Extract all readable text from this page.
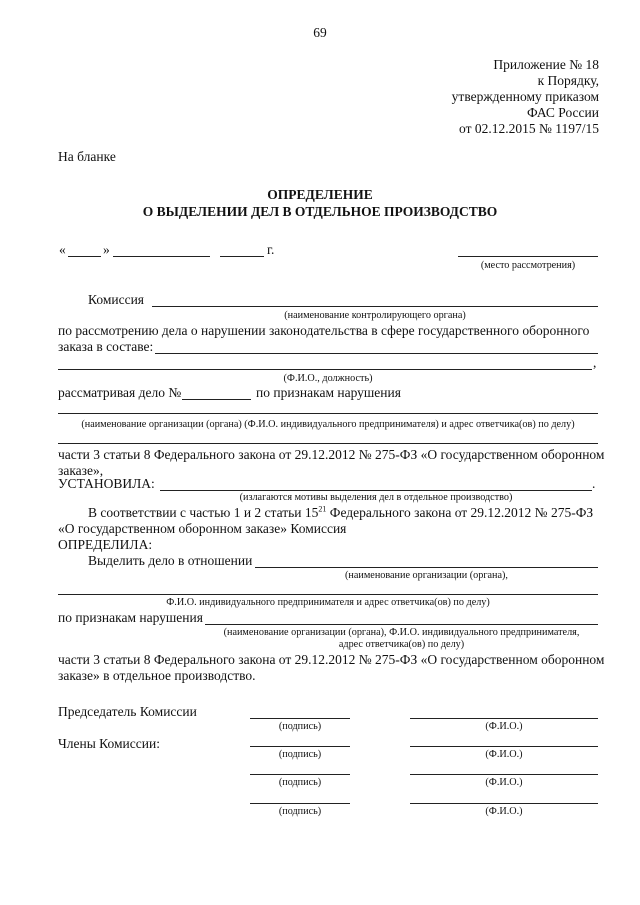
69
Приложение № 18
к Порядку,
утвержденному приказом
ФАС России
от 02.12.2015 № 1197/15
На бланке
ОПРЕДЕЛЕНИЕ
О ВЫДЕЛЕНИИ ДЕЛ В ОТДЕЛЬНОЕ ПРОИЗВОДСТВО
«	»	г.
(место рассмотрения)
Комиссия
(наименование контролирующего органа)
по рассмотрению дела о нарушении законодательства в сфере государственного оборонного
заказа в составе:
,
(Ф.И.О., должность)
рассматривая дело №	по признакам нарушения
(наименование организации (органа) (Ф.И.О. индивидуального предпринимателя) и адрес ответчика(ов) по делу)
части 3 статьи 8 Федерального закона от 29.12.2012 № 275-ФЗ «О государственном оборонном
заказе»,
УСТАНОВИЛА:	.
(излагаются мотивы выделения дел в отдельное производство)
В соответствии с частью 1 и 2 статьи $15^{21}$ Федерального закона от 29.12.2012 № 275-ФЗ
«О государственном оборонном заказе» Комиссия
ОПРЕДЕЛИЛА:
Выделить дело в отношении
(наименование организации (органа),
Ф.И.О. индивидуального предпринимателя и адрес ответчика(ов) по делу)
по признакам нарушения
(наименование организации (органа), Ф.И.О. индивидуального предпринимателя,
адрес ответчика(ов) по делу)
части 3 статьи 8 Федерального закона от 29.12.2012 № 275-ФЗ «О государственном оборонном
заказе» в отдельное производство.
Председатель Комиссии
Члены Комиссии:
(подпись)	(Ф.И.О.)
(подпись)	(Ф.И.О.)
(подпись)	(Ф.И.О.)
(подпись)	(Ф.И.О.)
